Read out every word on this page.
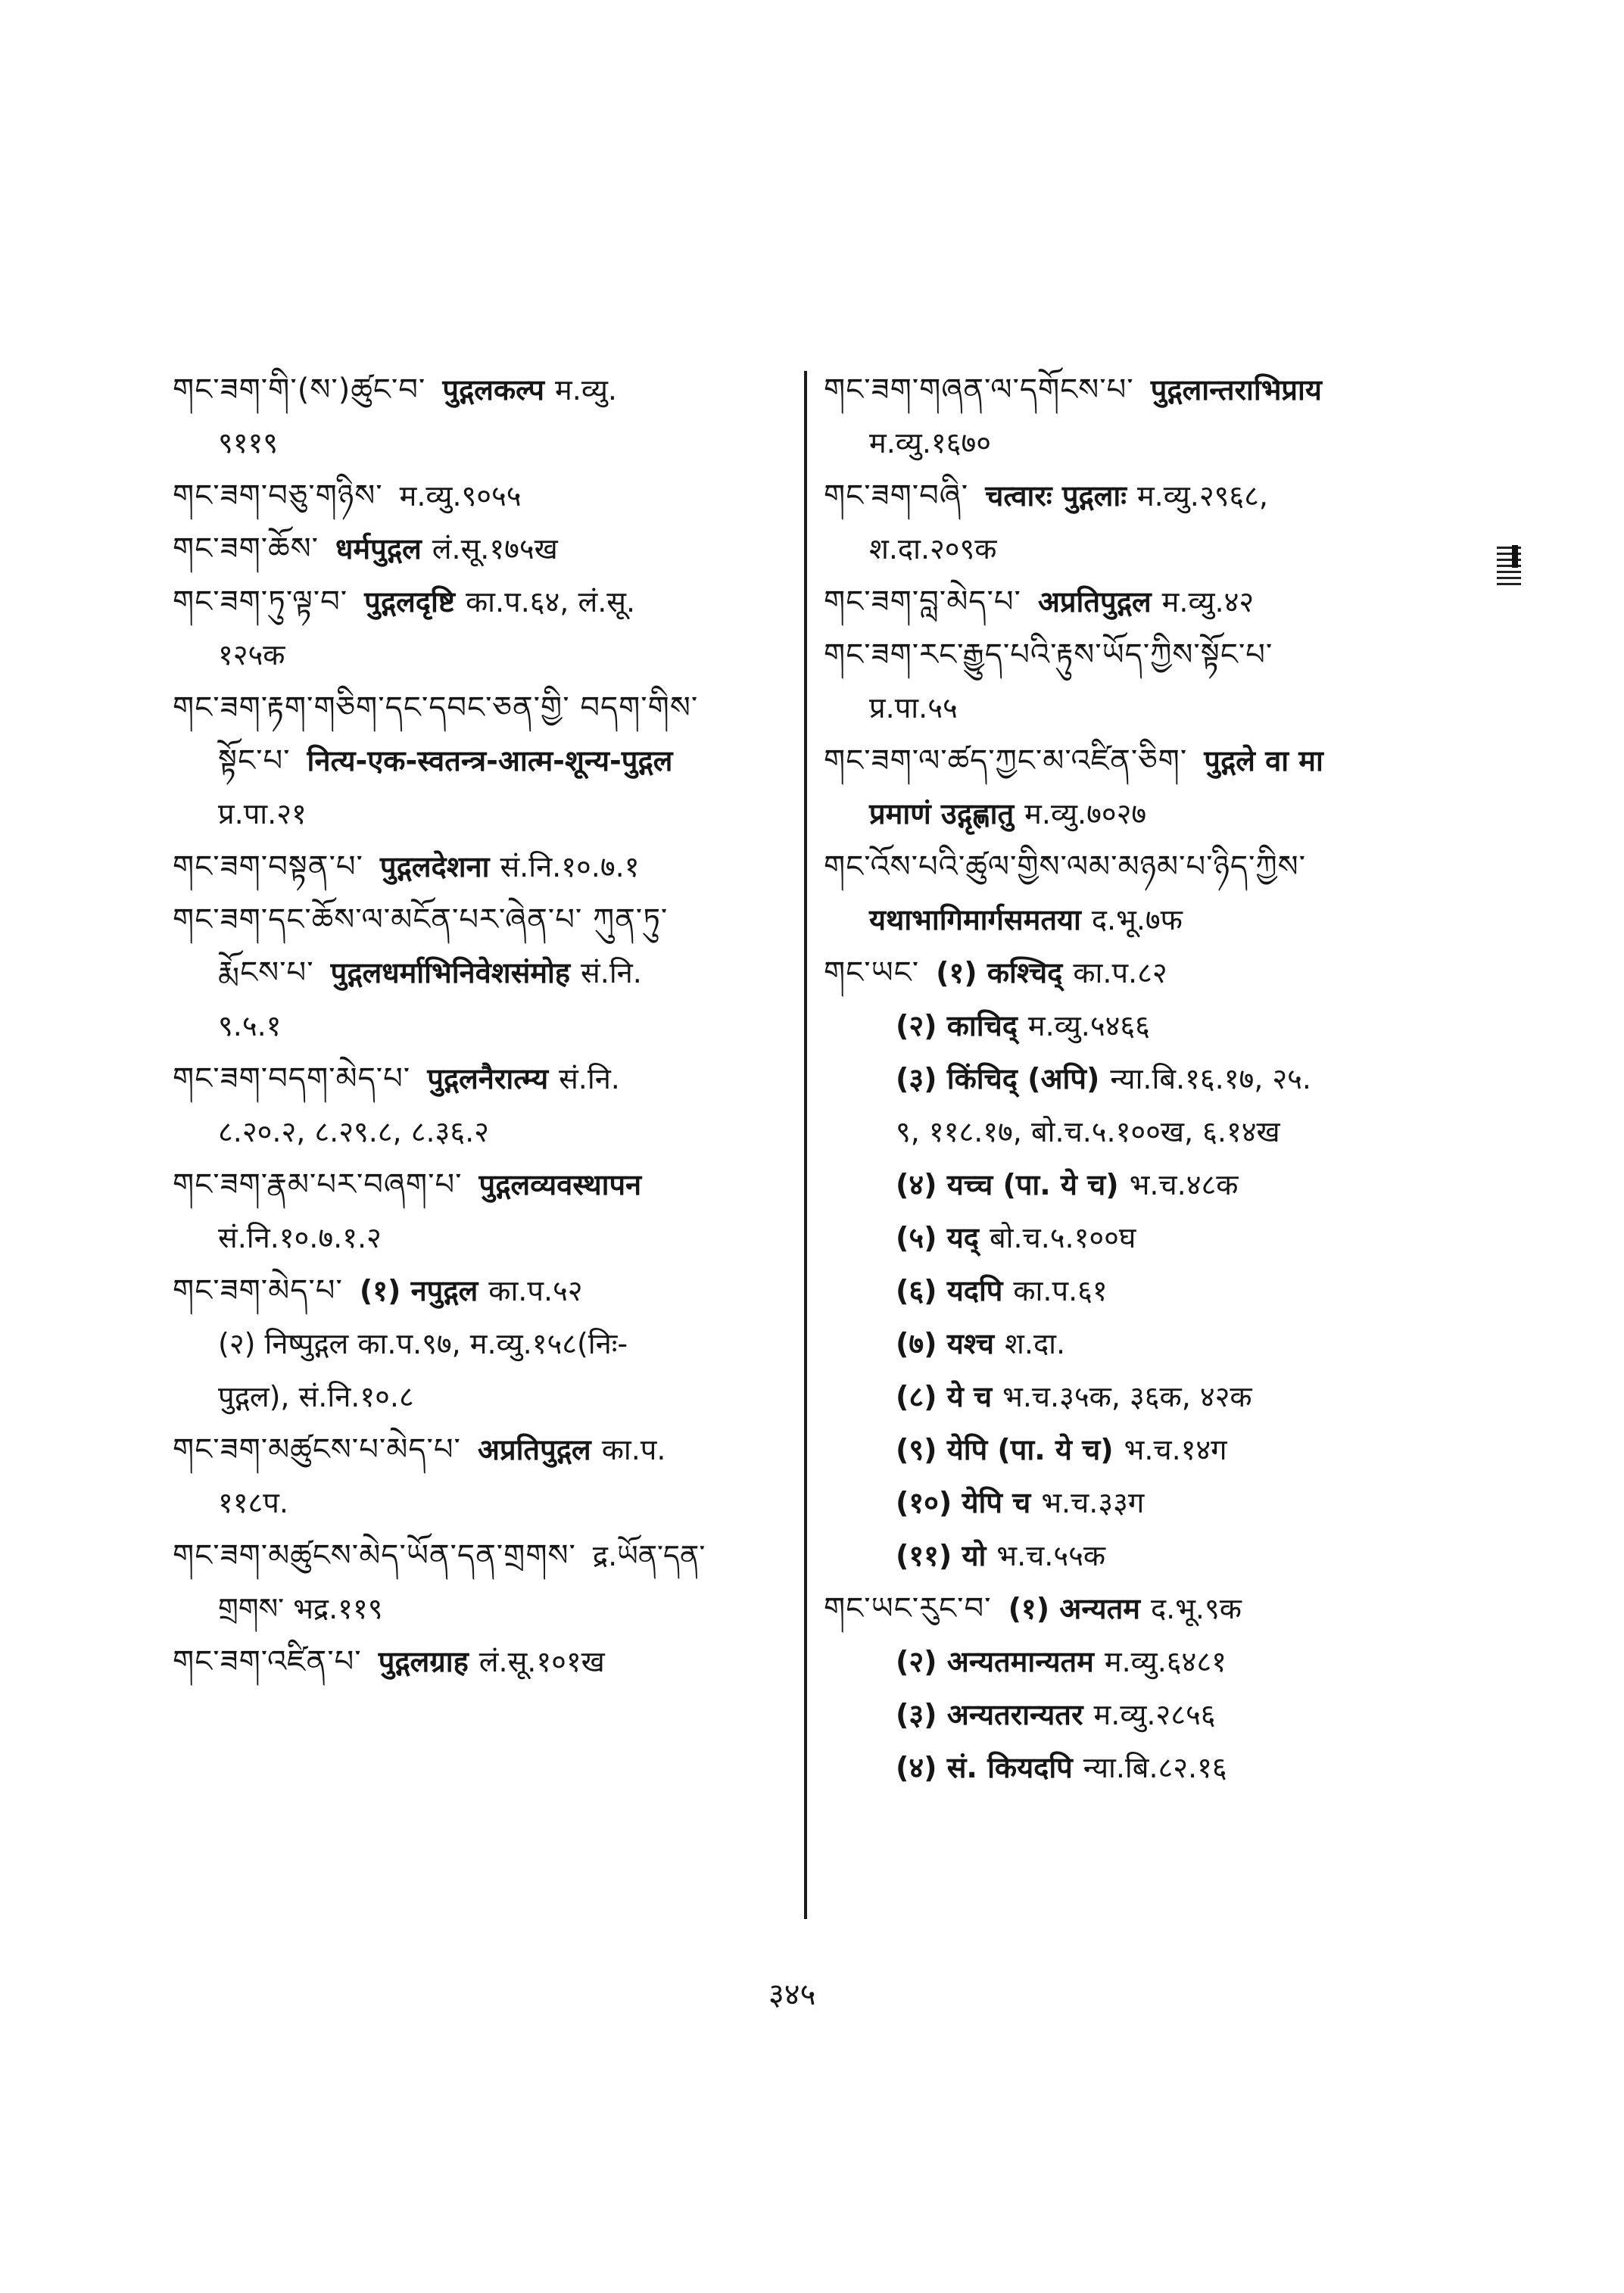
གང་ཟག་གི་(ས་)ཚུང་བ་ पुद्गलकल्प म.व्यु.
९११९
གང་ཟག་བཅུ་གཉིས་ म.व्यु.९०५५
གང་ཟག་ཆོས་ धर्मपुद्गल लं.सू.१७५ख
གང་ཟག་ཏུ་ལྟ་བ་ पुद्गलदृष्टि का.प.६४, लं.सू.
१२५क
གང་ཟག་རྟག་གཅིག་དང་དབང་ཅན་གྱི་ བདག་གིས་
སྟོང་པ་ नित्य-एक-स्वतन्त्र-आत्म-शून्य-पुद्गल
प्र.पा.२१
གང་ཟག་བསྟན་པ་ पुद्गलदेशना सं.नि.१०.७.१
གང་ཟག་དང་ཆོས་ལ་མངོན་པར་ཞེན་པ་ ཀུན་ཏུ་
རྨོངས་པ་ पुद्गलधर्माभिनिवेशसंमोह सं.नि.
९.५.१
གང་ཟག་བདག་མེད་པ་ पुद्गलनैरात्म्य सं.नि.
८.२०.२, ८.२९.८, ८.३६.२
གང་ཟག་རྣམ་པར་བཞག་པ་ पुद्गलव्यवस्थापन
सं.नि.१०.७.१.२
གང་ཟག་མེད་པ་ (१) नपुद्गल का.प.५२
(२) निष्पुद्गल का.प.९७, म.व्यु.१५८(निः-
पुद्गल), सं.नि.१०.८
གང་ཟག་མཚུངས་པ་མེད་པ་ अप्रतिपुद्गल का.प.
११८प.
གང་ཟག་མཚུངས་མེད་ཡོན་དན་གྲགས་ द्र.ཡོན་དན་
གྲགས་ भद्र.११९
གང་ཟག་འཛིན་པ་ पुद्गलग्राह लं.सू.१०१ख
གང་ཟག་གཞན་ལ་དགོངས་པ་ पुद्गलान्तराभिप्राय
म.व्यु.१६७०
གང་ཟག་བཞི་ चत्वारः पुद्गलाः म.व्यु.२९६८,
श.दा.२०९क
གང་ཟག་བླ་མེད་པ་ अप्रतिपुद्गल म.व्यु.४२
གང་ཟག་རང་རྒྱུད་པའི་རྟུས་ཡོད་ཀྱིས་སྟོང་པ་
प्र.पा.५५
གང་ཟག་ལ་ཚད་ཀྱང་མ་འཛིན་ཅིག་ पुद्गले वा मा
प्रमाणं उद्गृह्णातु म.व्यु.७०२७
གང་འོས་པའི་ཚུལ་གྱིས་ལམ་མཉམ་པ་ཉིད་ཀྱིས་
यथाभागिमार्गसमतया द.भू.७फ
གང་ཡང་ (१) कश्चिद् का.प.८२
(२) काचिद् म.व्यु.५४६६
(३) किंचिद् (अपि) न्या.बि.१६.१७, २५.
९, ११८.१७, बो.च.५.१००ख, ६.१४ख
(४) यच्च (पा. ये च) भ.च.४८क
(५) यद् बो.च.५.१००घ
(६) यदपि का.प.६१
(७) यश्च श.दा.
(८) ये च भ.च.३५क, ३६क, ४२क
(९) येपि (पा. ये च) भ.च.१४ग
(१०) येपि च भ.च.३३ग
(११) यो भ.च.५५क
གང་ཡང་རུང་བ་ (१) अन्यतम द.भू.९क
(२) अन्यतमान्यतम म.व्यु.६४८१
(३) अन्यतरान्यतर म.व्यु.२८५६
(४) सं. कियदपि न्या.बि.८२.१६
३४५
